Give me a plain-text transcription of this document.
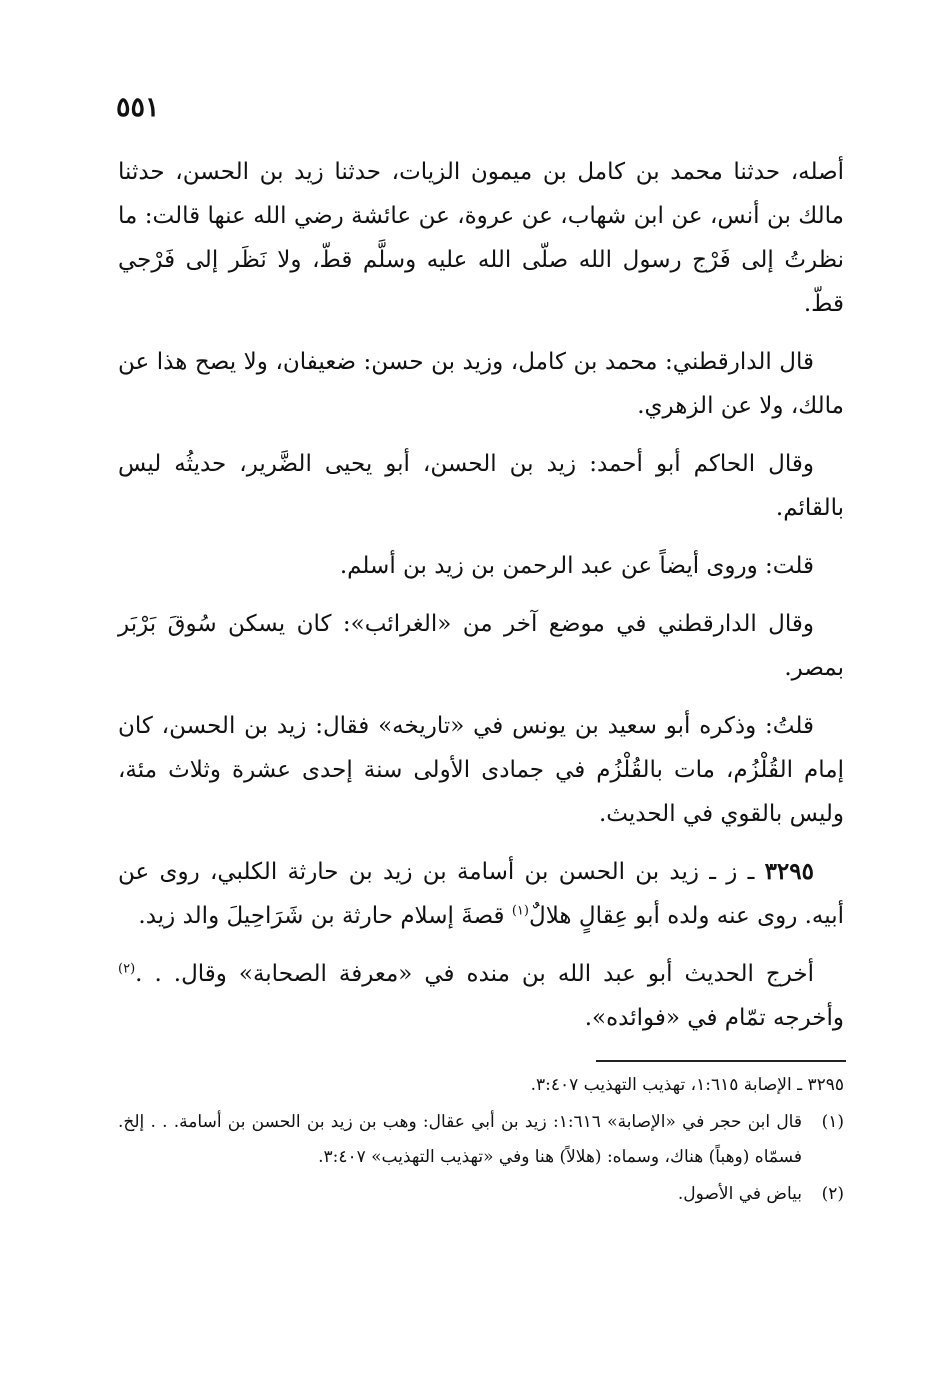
٥٥١

أصله، حدثنا محمد بن كامل بن ميمون الزيات، حدثنا زيد بن الحسن، حدثنا مالك بن أنس، عن ابن شهاب، عن عروة، عن عائشة رضي الله عنها قالت: ما نظرتُ إلى فَرْج رسول الله صلّى الله عليه وسلَّم قطّ، ولا نَظَر إلى فَرْجي قطّ.

قال الدارقطني: محمد بن كامل، وزيد بن حسن: ضعيفان، ولا يصح هذا عن مالك، ولا عن الزهري.

وقال الحاكم أبو أحمد: زيد بن الحسن، أبو يحيى الضَّرير، حديثُه ليس بالقائم.

قلت: وروى أيضاً عن عبد الرحمن بن زيد بن أسلم.

وقال الدارقطني في موضع آخر من «الغرائب»: كان يسكن سُوقَ بَرْبَر بمصر.

قلتُ: وذكره أبو سعيد بن يونس في «تاريخه» فقال: زيد بن الحسن، كان إمام القُلْزُم، مات بالقُلْزُم في جمادى الأولى سنة إحدى عشرة وثلاث مئة، وليس بالقوي في الحديث.

٣٢٩٥ ـ ز ـ زيد بن الحسن بن أسامة بن زيد بن حارثة الكلبي، روى عن أبيه. روى عنه ولده أبو عِقالٍ هلالٌ$^{(١)}$ قصةَ إسلام حارثة بن شَرَاحِيلَ والد زيد.

أخرج الحديث أبو عبد الله بن منده في «معرفة الصحابة» وقال. . .$^{(٢)}$ وأخرجه تمّام في «فوائده».

٣٢٩٥ ـ الإصابة ١:٦١٥، تهذيب التهذيب ٣:٤٠٧.

(١)
قال ابن حجر في «الإصابة» ١:٦١٦: زيد بن أبي عقال: وهب بن زيد بن الحسن بن أسامة. . . إلخ. فسمّاه (وهباً) هناك، وسماه: (هلالاً) هنا وفي «تهذيب التهذيب» ٣:٤٠٧.

(٢)
بياض في الأصول.
